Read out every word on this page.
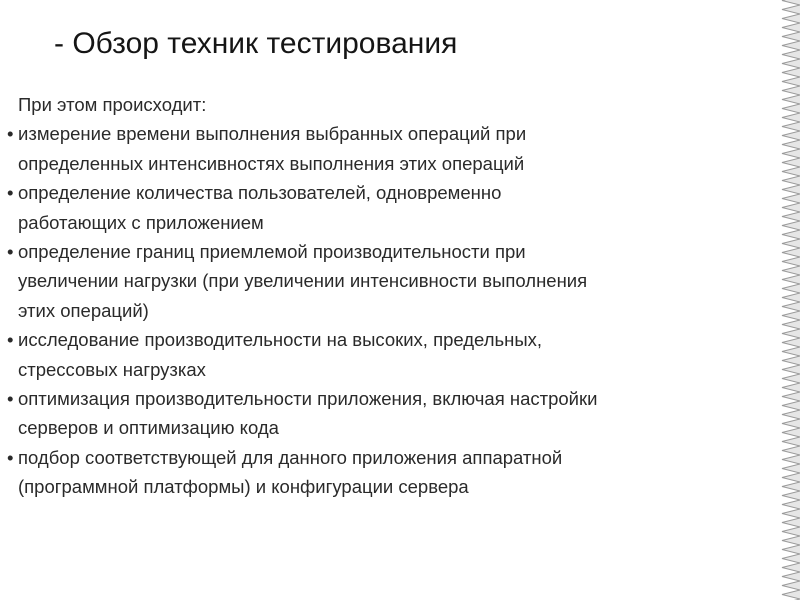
- Обзор техник тестирования
При этом происходит:
• измерение времени выполнения выбранных операций при
определенных интенсивностях выполнения этих операций
• определение количества пользователей, одновременно
работающих с приложением
• определение границ приемлемой производительности при
увеличении нагрузки (при увеличении интенсивности выполнения
этих операций)
• исследование производительности на высоких, предельных,
стрессовых нагрузках
• оптимизация производительности приложения, включая настройки
серверов и оптимизацию кода
• подбор соответствующей для данного приложения аппаратной
(программной платформы) и конфигурации сервера
